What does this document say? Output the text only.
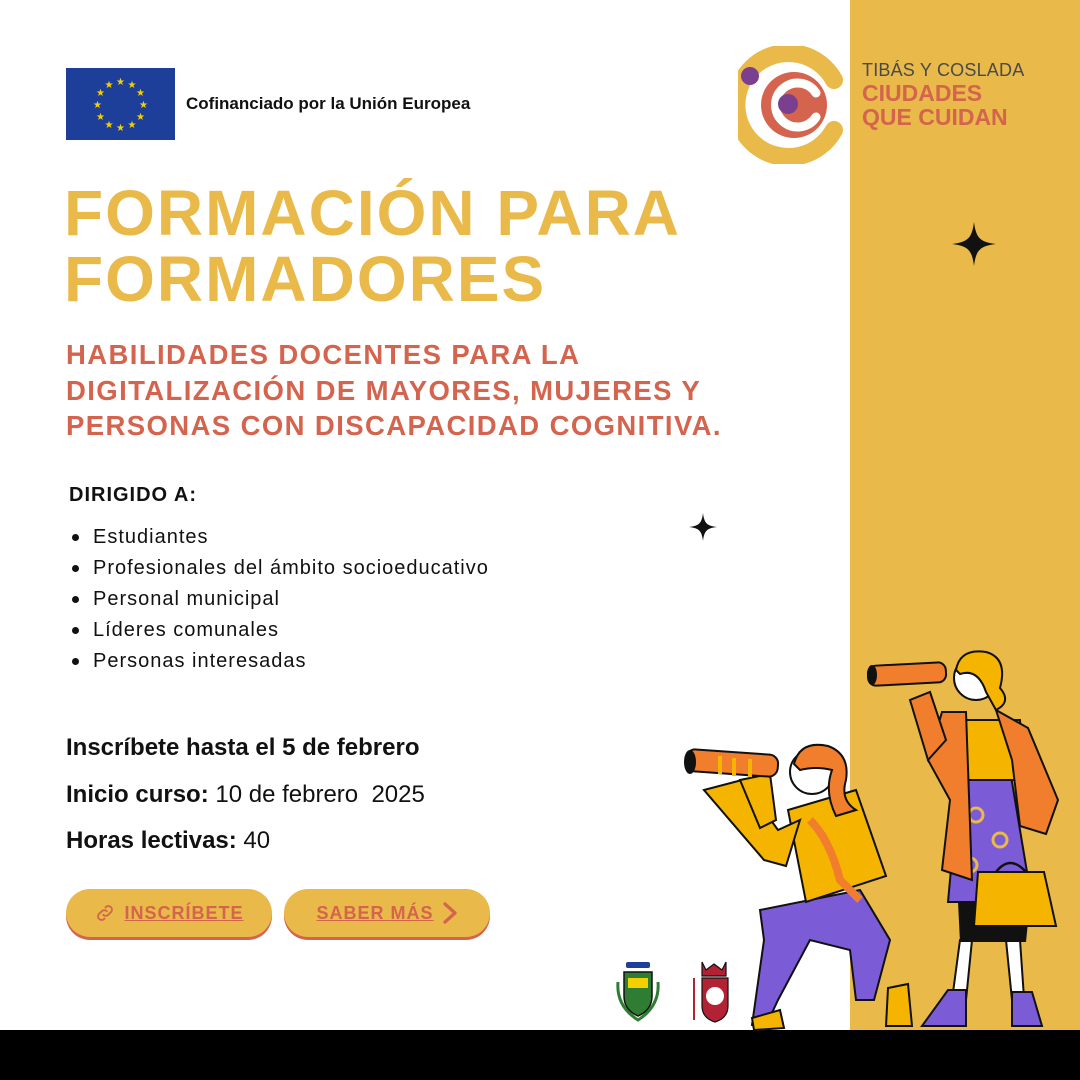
★ ★
★
★
★
★
★
★
★
★
★
★
Cofinanciado por la Unión Europea
TIBÁS Y COSLADA
CIUDADES
QUE CUIDAN
FORMACIÓN PARA
FORMADORES
HABILIDADES DOCENTES PARA LA
DIGITALIZACIÓN DE MAYORES, MUJERES Y
PERSONAS CON DISCAPACIDAD COGNITIVA.
DIRIGIDO A:
Estudiantes
Profesionales del ámbito socioeducativo
Personal municipal
Líderes comunales
Personas interesadas
Inscríbete hasta el 5 de febrero
Inicio curso: 10 de febrero  2025
Horas lectivas: 40
INSCRÍBETE	SABER MÁS
